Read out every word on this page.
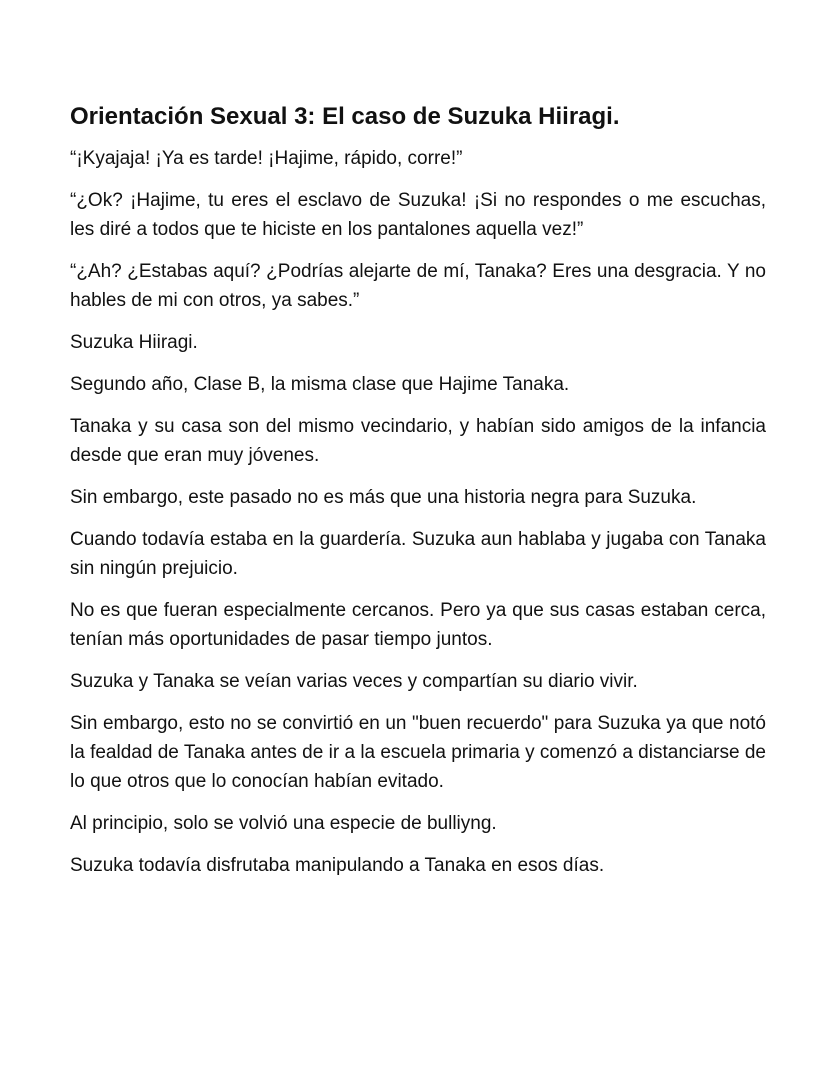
Orientación Sexual 3: El caso de Suzuka Hiiragi.

“¡Kyajaja! ¡Ya es tarde! ¡Hajime, rápido, corre!”

“¿Ok? ¡Hajime, tu eres el esclavo de Suzuka! ¡Si no respondes o me escuchas, les diré a todos que te hiciste en los pantalones aquella vez!”

“¿Ah? ¿Estabas aquí? ¿Podrías alejarte de mí, Tanaka? Eres una desgracia. Y no hables de mi con otros, ya sabes.”

Suzuka Hiiragi.

Segundo año, Clase B, la misma clase que Hajime Tanaka.

Tanaka y su casa son del mismo vecindario, y habían sido amigos de la infancia desde que eran muy jóvenes.

Sin embargo, este pasado no es más que una historia negra para Suzuka.

Cuando todavía estaba en la guardería. Suzuka aun hablaba y jugaba con Tanaka sin ningún prejuicio.

No es que fueran especialmente cercanos. Pero ya que sus casas estaban cerca, tenían más oportunidades de pasar tiempo juntos.

Suzuka y Tanaka se veían varias veces y compartían su diario vivir.

Sin embargo, esto no se convirtió en un "buen recuerdo" para Suzuka ya que notó la fealdad de Tanaka antes de ir a la escuela primaria y comenzó a distanciarse de lo que otros que lo conocían habían evitado.

Al principio, solo se volvió una especie de bulliyng.

Suzuka todavía disfrutaba manipulando a Tanaka en esos días.
